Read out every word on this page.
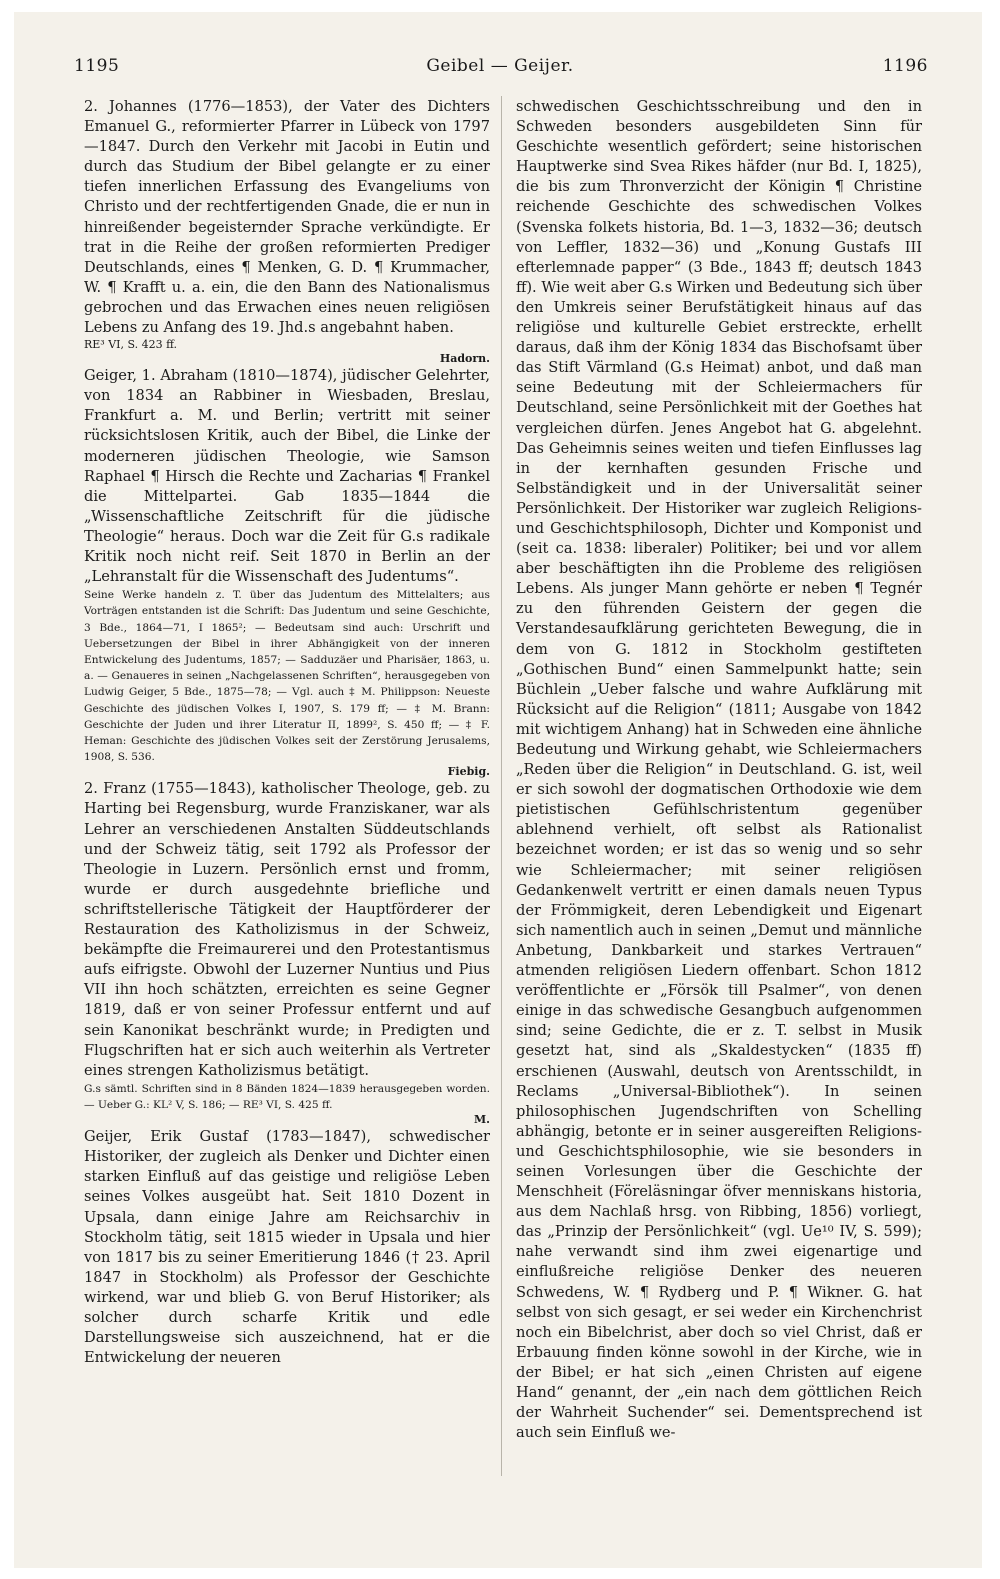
1195	Geibel — Geijer.	1196

2. Johannes (1776—1853), der Vater des Dichters Emanuel G., reformierter Pfarrer in Lübeck von 1797—1847. Durch den Verkehr mit Jacobi in Eutin und durch das Studium der Bibel gelangte er zu einer tiefen innerlichen Erfassung des Evangeliums von Christo und der rechtfertigenden Gnade, die er nun in hinreißender begeisternder Sprache verkündigte. Er trat in die Reihe der großen reformierten Prediger Deutschlands, eines ¶ Menken, G. D. ¶ Krummacher, W. ¶ Krafft u. a. ein, die den Bann des Nationalismus gebrochen und das Erwachen eines neuen religiösen Lebens zu Anfang des 19. Jhd.s angebahnt haben.

RE³ VI, S. 423 ff.

Hadorn.

Geiger, 1. Abraham (1810—1874), jüdischer Gelehrter, von 1834 an Rabbiner in Wiesbaden, Breslau, Frankfurt a. M. und Berlin; vertritt mit seiner rücksichtslosen Kritik, auch der Bibel, die Linke der moderneren jüdischen Theologie, wie Samson Raphael ¶ Hirsch die Rechte und Zacharias ¶ Frankel die Mittelpartei. Gab 1835—1844 die „Wissenschaftliche Zeitschrift für die jüdische Theologie“ heraus. Doch war die Zeit für G.s radikale Kritik noch nicht reif. Seit 1870 in Berlin an der „Lehranstalt für die Wissenschaft des Judentums“.

Seine Werke handeln z. T. über das Judentum des Mittelalters; aus Vorträgen entstanden ist die Schrift: Das Judentum und seine Geschichte, 3 Bde., 1864—71, I 1865²; — Bedeutsam sind auch: Urschrift und Uebersetzungen der Bibel in ihrer Abhängigkeit von der inneren Entwickelung des Judentums, 1857; — Sadduzäer und Pharisäer, 1863, u. a. — Genaueres in seinen „Nachgelassenen Schriften“, herausgegeben von Ludwig Geiger, 5 Bde., 1875—78; — Vgl. auch ‡ M. Philippson: Neueste Geschichte des jüdischen Volkes I, 1907, S. 179 ff; — ‡ M. Brann: Geschichte der Juden und ihrer Literatur II, 1899², S. 450 ff; — ‡ F. Heman: Geschichte des jüdischen Volkes seit der Zerstörung Jerusalems, 1908, S. 536.

Fiebig.

2. Franz (1755—1843), katholischer Theologe, geb. zu Harting bei Regensburg, wurde Franziskaner, war als Lehrer an verschiedenen Anstalten Süddeutschlands und der Schweiz tätig, seit 1792 als Professor der Theologie in Luzern. Persönlich ernst und fromm, wurde er durch ausgedehnte briefliche und schriftstellerische Tätigkeit der Hauptförderer der Restauration des Katholizismus in der Schweiz, bekämpfte die Freimaurerei und den Protestantismus aufs eifrigste. Obwohl der Luzerner Nuntius und Pius VII ihn hoch schätzten, erreichten es seine Gegner 1819, daß er von seiner Professur entfernt und auf sein Kanonikat beschränkt wurde; in Predigten und Flugschriften hat er sich auch weiterhin als Vertreter eines strengen Katholizismus betätigt.

G.s sämtl. Schriften sind in 8 Bänden 1824—1839 herausgegeben worden. — Ueber G.: KL² V, S. 186; — RE³ VI, S. 425 ff.

M.

Geijer, Erik Gustaf (1783—1847), schwedischer Historiker, der zugleich als Denker und Dichter einen starken Einfluß auf das geistige und religiöse Leben seines Volkes ausgeübt hat. Seit 1810 Dozent in Upsala, dann einige Jahre am Reichsarchiv in Stockholm tätig, seit 1815 wieder in Upsala und hier von 1817 bis zu seiner Emeritierung 1846 († 23. April 1847 in Stockholm) als Professor der Geschichte wirkend, war und blieb G. von Beruf Historiker; als solcher durch scharfe Kritik und edle Darstellungsweise sich auszeichnend, hat er die Entwickelung der neueren

schwedischen Geschichtsschreibung und den in Schweden besonders ausgebildeten Sinn für Geschichte wesentlich gefördert; seine historischen Hauptwerke sind Svea Rikes häfder (nur Bd. I, 1825), die bis zum Thronverzicht der Königin ¶ Christine reichende Geschichte des schwedischen Volkes (Svenska folkets historia, Bd. 1—3, 1832—36; deutsch von Leffler, 1832—36) und „Konung Gustafs III efterlemnade papper“ (3 Bde., 1843 ff; deutsch 1843 ff). Wie weit aber G.s Wirken und Bedeutung sich über den Umkreis seiner Berufstätigkeit hinaus auf das religiöse und kulturelle Gebiet erstreckte, erhellt daraus, daß ihm der König 1834 das Bischofsamt über das Stift Värmland (G.s Heimat) anbot, und daß man seine Bedeutung mit der Schleiermachers für Deutschland, seine Persönlichkeit mit der Goethes hat vergleichen dürfen. Jenes Angebot hat G. abgelehnt. Das Geheimnis seines weiten und tiefen Einflusses lag in der kernhaften gesunden Frische und Selbständigkeit und in der Universalität seiner Persönlichkeit. Der Historiker war zugleich Religions- und Geschichtsphilosoph, Dichter und Komponist und (seit ca. 1838: liberaler) Politiker; bei und vor allem aber beschäftigten ihn die Probleme des religiösen Lebens. Als junger Mann gehörte er neben ¶ Tegnér zu den führenden Geistern der gegen die Verstandesaufklärung gerichteten Bewegung, die in dem von G. 1812 in Stockholm gestifteten „Gothischen Bund“ einen Sammelpunkt hatte; sein Büchlein „Ueber falsche und wahre Aufklärung mit Rücksicht auf die Religion“ (1811; Ausgabe von 1842 mit wichtigem Anhang) hat in Schweden eine ähnliche Bedeutung und Wirkung gehabt, wie Schleiermachers „Reden über die Religion“ in Deutschland. G. ist, weil er sich sowohl der dogmatischen Orthodoxie wie dem pietistischen Gefühlschristentum gegenüber ablehnend verhielt, oft selbst als Rationalist bezeichnet worden; er ist das so wenig und so sehr wie Schleiermacher; mit seiner religiösen Gedankenwelt vertritt er einen damals neuen Typus der Frömmigkeit, deren Lebendigkeit und Eigenart sich namentlich auch in seinen „Demut und männliche Anbetung, Dankbarkeit und starkes Vertrauen“ atmenden religiösen Liedern offenbart. Schon 1812 veröffentlichte er „Försök till Psalmer“, von denen einige in das schwedische Gesangbuch aufgenommen sind; seine Gedichte, die er z. T. selbst in Musik gesetzt hat, sind als „Skaldestycken“ (1835 ff) erschienen (Auswahl, deutsch von Arentsschildt, in Reclams „Universal-Bibliothek“). In seinen philosophischen Jugendschriften von Schelling abhängig, betonte er in seiner ausgereiften Religions- und Geschichtsphilosophie, wie sie besonders in seinen Vorlesungen über die Geschichte der Menschheit (Föreläsningar öfver menniskans historia, aus dem Nachlaß hrsg. von Ribbing, 1856) vorliegt, das „Prinzip der Persönlichkeit“ (vgl. Ue¹⁰ IV, S. 599); nahe verwandt sind ihm zwei eigenartige und einflußreiche religiöse Denker des neueren Schwedens, W. ¶ Rydberg und P. ¶ Wikner. G. hat selbst von sich gesagt, er sei weder ein Kirchenchrist noch ein Bibelchrist, aber doch so viel Christ, daß er Erbauung finden könne sowohl in der Kirche, wie in der Bibel; er hat sich „einen Christen auf eigene Hand“ genannt, der „ein nach dem göttlichen Reich der Wahrheit Suchender“ sei. Dementsprechend ist auch sein Einfluß we-
